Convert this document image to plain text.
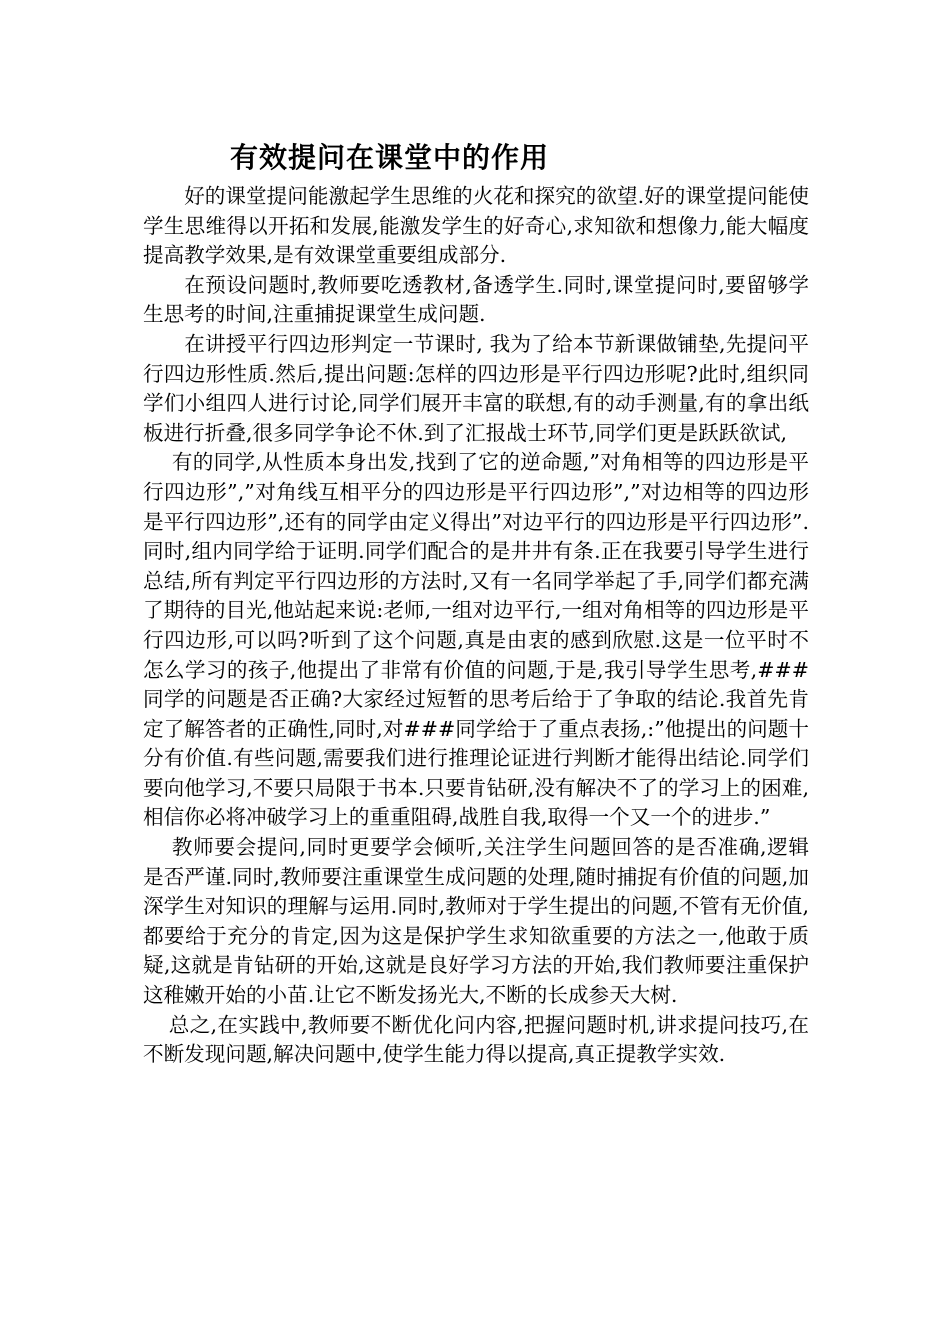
有效提问在课堂中的作用

好的课堂提问能激起学生思维的火花和探究的欲望.好的课堂提问能使学生思维得以开拓和发展,能激发学生的好奇心,求知欲和想像力,能大幅度提高教学效果,是有效课堂重要组成部分.

在预设问题时,教师要吃透教材,备透学生.同时,课堂提问时,要留够学生思考的时间,注重捕捉课堂生成问题.

在讲授平行四边形判定一节课时, 我为了给本节新课做铺垫,先提问平行四边形性质.然后,提出问题:怎样的四边形是平行四边形呢?此时,组织同学们小组四人进行讨论,同学们展开丰富的联想,有的动手测量,有的拿出纸板进行折叠,很多同学争论不休.到了汇报战士环节,同学们更是跃跃欲试,

有的同学,从性质本身出发,找到了它的逆命题,”对角相等的四边形是平行四边形”,”对角线互相平分的四边形是平行四边形”,”对边相等的四边形是平行四边形”,还有的同学由定义得出”对边平行的四边形是平行四边形”.同时,组内同学给于证明.同学们配合的是井井有条.正在我要引导学生进行总结,所有判定平行四边形的方法时,又有一名同学举起了手,同学们都充满了期待的目光,他站起来说:老师,一组对边平行,一组对角相等的四边形是平行四边形,可以吗?听到了这个问题,真是由衷的感到欣慰.这是一位平时不怎么学习的孩子,他提出了非常有价值的问题,于是,我引导学生思考,###同学的问题是否正确?大家经过短暂的思考后给于了争取的结论.我首先肯定了解答者的正确性,同时,对###同学给于了重点表扬,:”他提出的问题十分有价值.有些问题,需要我们进行推理论证进行判断才能得出结论.同学们要向他学习,不要只局限于书本.只要肯钻研,没有解决不了的学习上的困难,相信你必将冲破学习上的重重阻碍,战胜自我,取得一个又一个的进步.”

教师要会提问,同时更要学会倾听,关注学生问题回答的是否准确,逻辑是否严谨.同时,教师要注重课堂生成问题的处理,随时捕捉有价值的问题,加深学生对知识的理解与运用.同时,教师对于学生提出的问题,不管有无价值,都要给于充分的肯定,因为这是保护学生求知欲重要的方法之一,他敢于质疑,这就是肯钻研的开始,这就是良好学习方法的开始,我们教师要注重保护这稚嫩开始的小苗.让它不断发扬光大,不断的长成参天大树.

总之,在实践中,教师要不断优化问内容,把握问题时机,讲求提问技巧,在不断发现问题,解决问题中,使学生能力得以提高,真正提教学实效.
